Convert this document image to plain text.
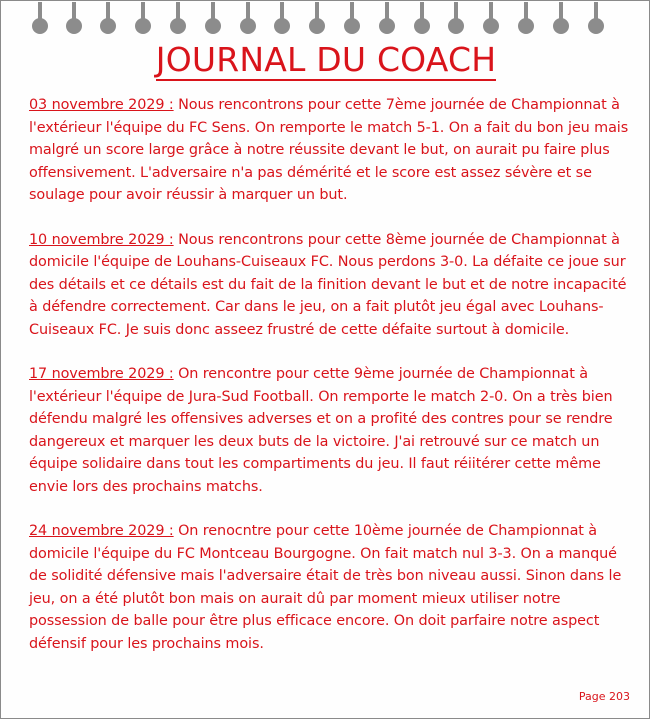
JOURNAL DU COACH

03 novembre 2029 : Nous rencontrons pour cette 7ème journée de Championnat à l'extérieur l'équipe du FC Sens. On remporte le match 5-1. On a fait du bon jeu mais malgré un score large grâce à notre réussite devant le but, on aurait pu faire plus offensivement. L'adversaire n'a pas démérité et le score est assez sévère et se soulage pour avoir réussir à marquer un but.

10 novembre 2029 : Nous rencontrons pour cette 8ème journée de Championnat à domicile l'équipe de Louhans-Cuiseaux FC. Nous perdons 3-0. La défaite ce joue sur des détails et ce détails est du fait de la finition devant le but et de notre incapacité à défendre correctement. Car dans le jeu, on a fait plutôt jeu égal avec Louhans-Cuiseaux FC. Je suis donc asseez frustré de cette défaite surtout à domicile.

17 novembre 2029 : On rencontre pour cette 9ème journée de Championnat à l'extérieur l'équipe de Jura-Sud Football. On remporte le match 2-0. On a très bien défendu malgré les offensives adverses et on a profité des contres pour se rendre dangereux et marquer les deux buts de la victoire. J'ai retrouvé sur ce match un équipe solidaire dans tout les compartiments du jeu. Il faut réiitérer cette même envie lors des prochains matchs.

24 novembre 2029 : On renocntre pour cette 10ème journée de Championnat à domicile l'équipe du FC Montceau Bourgogne. On fait match nul 3-3. On a manqué de solidité défensive mais l'adversaire était de très bon niveau aussi. Sinon dans le jeu, on a été plutôt bon mais on aurait dû par moment mieux utiliser notre possession de balle pour être plus efficace encore. On doit parfaire notre aspect défensif pour les prochains mois.

Page 203
